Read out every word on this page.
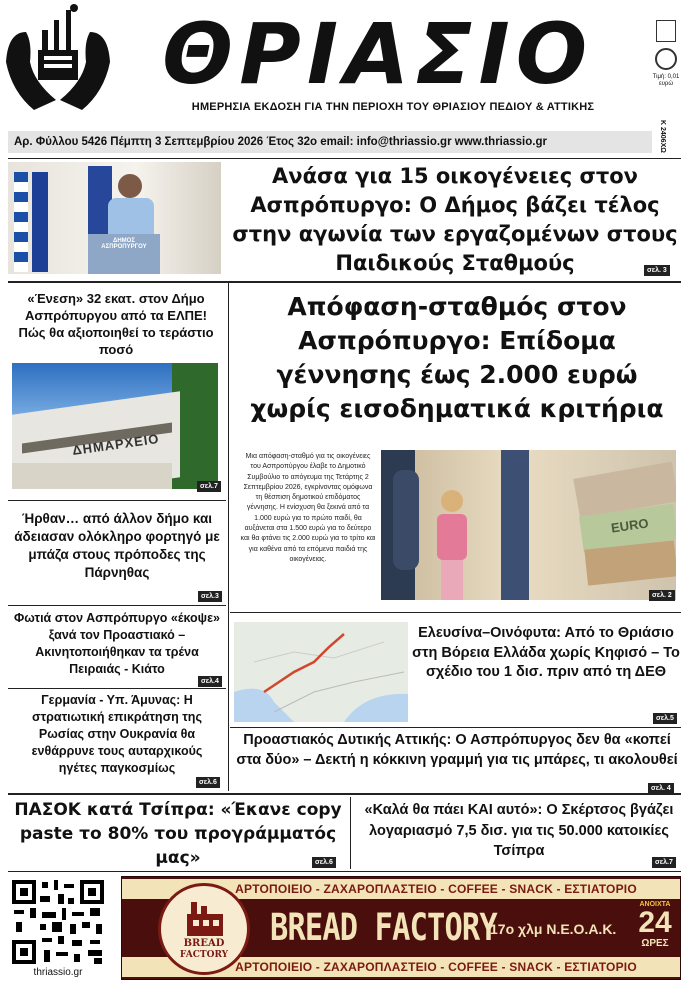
ΘΡΙΑΣΙΟ
ΗΜΕΡΗΣΙΑ ΕΚΔΟΣΗ ΓΙΑ ΤΗΝ ΠΕΡΙΟΧΗ ΤΟΥ ΘΡΙΑΣΙΟΥ ΠΕΔΙΟΥ & ΑΤΤΙΚΗΣ
Τιμή: 0,01 ευρώ
Κ 2406ΧΩ
Αρ. Φύλλου 5426 Πέμπτη 3 Σεπτεμβρίου 2026 Έτος 32ο email: info@thriassio.gr www.thriassio.gr
ΔΗΜΟΣ ΑΣΠΡΟΠΥΡΓΟΥ
Ανάσα για 15 οικογένειες στον Ασπρόπυργο: Ο Δήμος βάζει τέλος στην αγωνία των εργαζομένων στους Παιδικούς Σταθμούς	σελ. 3
«Ένεση» 32 εκατ. στον Δήμο Ασπρόπυργου από τα ΕΛΠΕ! Πώς θα αξιοποιηθεί το τεράστιο ποσό
ΔΗΜΑΡΧΕΙΟ
σελ.7
Ήρθαν… από άλλον δήμο και άδειασαν ολόκληρο φορτηγό με μπάζα στους πρόποδες της Πάρνηθας
σελ.3
Φωτιά στον Ασπρόπυργο «έκοψε» ξανά τον Προαστιακό – Ακινητοποιήθηκαν τα τρένα Πειραιάς - Κιάτο
σελ.4
Γερμανία - Υπ. Άμυνας: Η στρατιωτική επικράτηση της Ρωσίας στην Ουκρανία θα ενθάρρυνε τους αυταρχικούς ηγέτες παγκοσμίως
σελ.6
Απόφαση-σταθμός στον Ασπρόπυργο: Επίδομα γέννησης έως 2.000 ευρώ χωρίς εισοδηματικά κριτήρια
Μια απόφαση-σταθμό για τις οικογένειες του Ασπροπύργου έλαβε το Δημοτικό Συμβούλιο το απόγευμα της Τετάρτης 2 Σεπτεμβρίου 2026, εγκρίνοντας ομόφωνα τη θέσπιση δημοτικού επιδόματος γέννησης. Η ενίσχυση θα ξεκινά από τα 1.000 ευρώ για το πρώτο παιδί, θα αυξάνεται στα 1.500 ευρώ για το δεύτερο και θα φτάνει τις 2.000 ευρώ για το τρίτο και για καθένα από τα επόμενα παιδιά της οικογένειας.
EURO
σελ. 2
Ελευσίνα–Οινόφυτα: Από το Θριάσιο στη Βόρεια Ελλάδα χωρίς Κηφισό – Το σχέδιο του 1 δισ. πριν από τη ΔΕΘ
σελ.5
Προαστιακός Δυτικής Αττικής: Ο Ασπρόπυργος δεν θα «κοπεί στα δύο» – Δεκτή η κόκκινη γραμμή για τις μπάρες, τι ακολουθεί
σελ. 4
ΠΑΣΟΚ κατά Τσίπρα: «Έκανε copy paste το 80% του προγράμματός μας»	σελ.6
«Καλά θα πάει ΚΑΙ αυτό»: Ο Σκέρτσος βγάζει λογαριασμό 7,5 δισ. για τις 50.000 κατοικίες Τσίπρα
σελ.7
thriassio.gr
ΑΡΤΟΠΟΙΕΙΟ - ΖΑΧΑΡΟΠΛΑΣΤΕΙΟ - COFFEE - SNACK - ΕΣΤΙΑΤΟΡΙΟ
ΑΡΤΟΠΟΙΕΙΟ - ΖΑΧΑΡΟΠΛΑΣΤΕΙΟ - COFFEE - SNACK - ΕΣΤΙΑΤΟΡΙΟ
BREAD
FACTORY
BREAD FACTORY
17ο χλμ Ν.Ε.Ο.Α.Κ.
ΑΝΟΙΧΤΑ
24
ΩΡΕΣ
